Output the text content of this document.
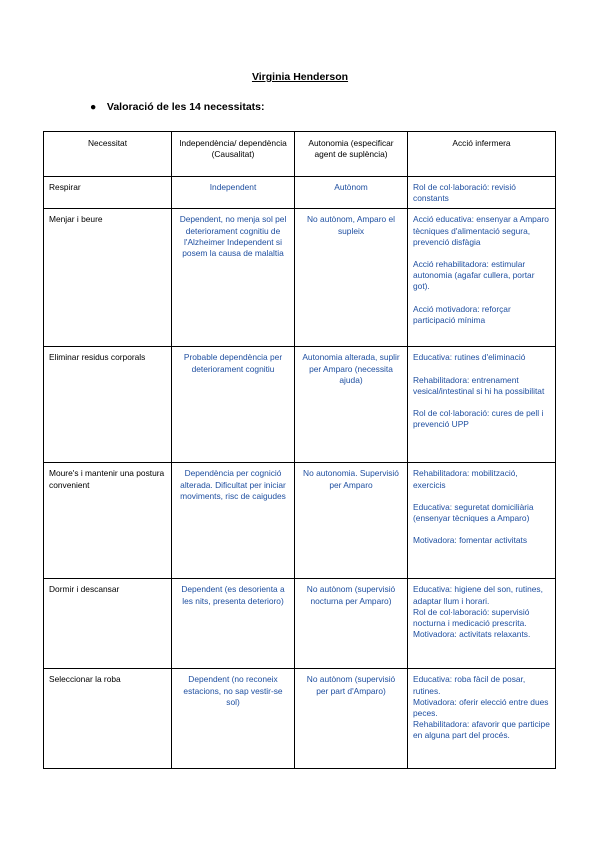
Virginia Henderson
● Valoració de les 14 necessitats:
Necessitat	Independència/ dependència (Causalitat)	Autonomia (especificar agent de suplència)	Acció infermera
Respirar	Independent	Autònom	Rol de col·laboració: revisió constants

Menjar i beure	Dependent, no menja sol pel deteriorament cognitiu de l'Alzheimer Independent si posem la causa de malaltia	No autònom, Amparo el supleix	Acció educativa: ensenyar a Amparo tècniques d'alimentació segura, prevenció disfàgia

Acció rehabilitadora: estimular autonomia (agafar cullera, portar got).

Acció motivadora: reforçar participació mínima

Eliminar residus corporals	Probable dependència per deteriorament cognitiu	Autonomia alterada, suplir per Amparo (necessita ajuda)	Educativa: rutines d'eliminació

Rehabilitadora: entrenament vesical/intestinal si hi ha possibilitat

Rol de col·laboració: cures de pell i prevenció UPP

Moure's i mantenir una postura convenient	Dependència per cognició alterada. Dificultat per iniciar moviments, risc de caigudes	No autonomia. Supervisió per Amparo	Rehabilitadora: mobilització, exercicis

Educativa: seguretat domiciliària (ensenyar tècniques a Amparo)

Motivadora: fomentar activitats

Dormir i descansar	Dependent (es desorienta a les nits, presenta deterioro)	No autònom (supervisió nocturna per Amparo)	Educativa: higiene del son, rutines, adaptar llum i horari.

Rol de col·laboració: supervisió nocturna i medicació prescrita.

Motivadora: activitats relaxants.

Seleccionar la roba	Dependent (no reconeix estacions, no sap vestir-se sol)	No autònom (supervisió per part d'Amparo)	Educativa: roba fàcil de posar, rutines.

Motivadora: oferir elecció entre dues peces.

Rehabilitadora: afavorir que participe en alguna part del procés.
